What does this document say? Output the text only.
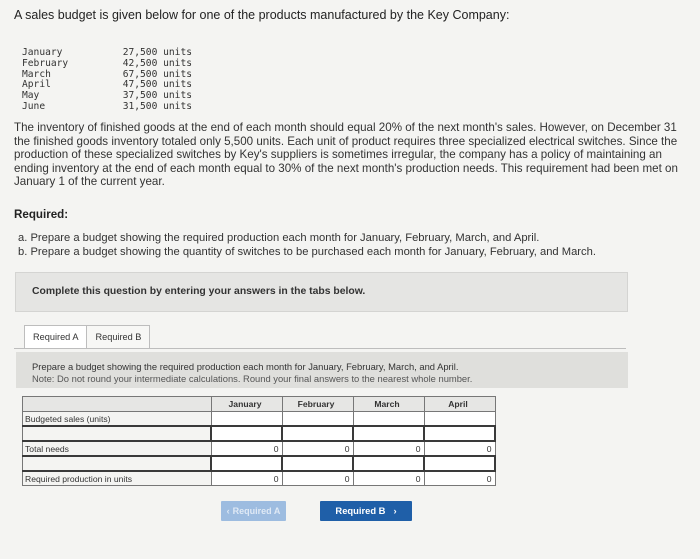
A sales budget is given below for one of the products manufactured by the Key Company:
January	27,500 units
February	42,500 units
March	67,500 units
April	47,500 units
May	37,500 units
June	31,500 units
The inventory of finished goods at the end of each month should equal 20% of the next month's sales. However, on December 31 the finished goods inventory totaled only 5,500 units. Each unit of product requires three specialized electrical switches. Since the production of these specialized switches by Key's suppliers is sometimes irregular, the company has a policy of maintaining an ending inventory at the end of each month equal to 30% of the next month's production needs. This requirement had been met on January 1 of the current year.
Required:
a. Prepare a budget showing the required production each month for January, February, March, and April.
b. Prepare a budget showing the quantity of switches to be purchased each month for January, February, and March.
Complete this question by entering your answers in the tabs below.
Required A	Required B
Prepare a budget showing the required production each month for January, February, March, and April.
Note: Do not round your intermediate calculations. Round your final answers to the nearest whole number.
	January	February	March	April
Budgeted sales (units)				

Total needs	0	0	0	0

Required production in units	0	0	0	0
‹ Required A	Required B ›
